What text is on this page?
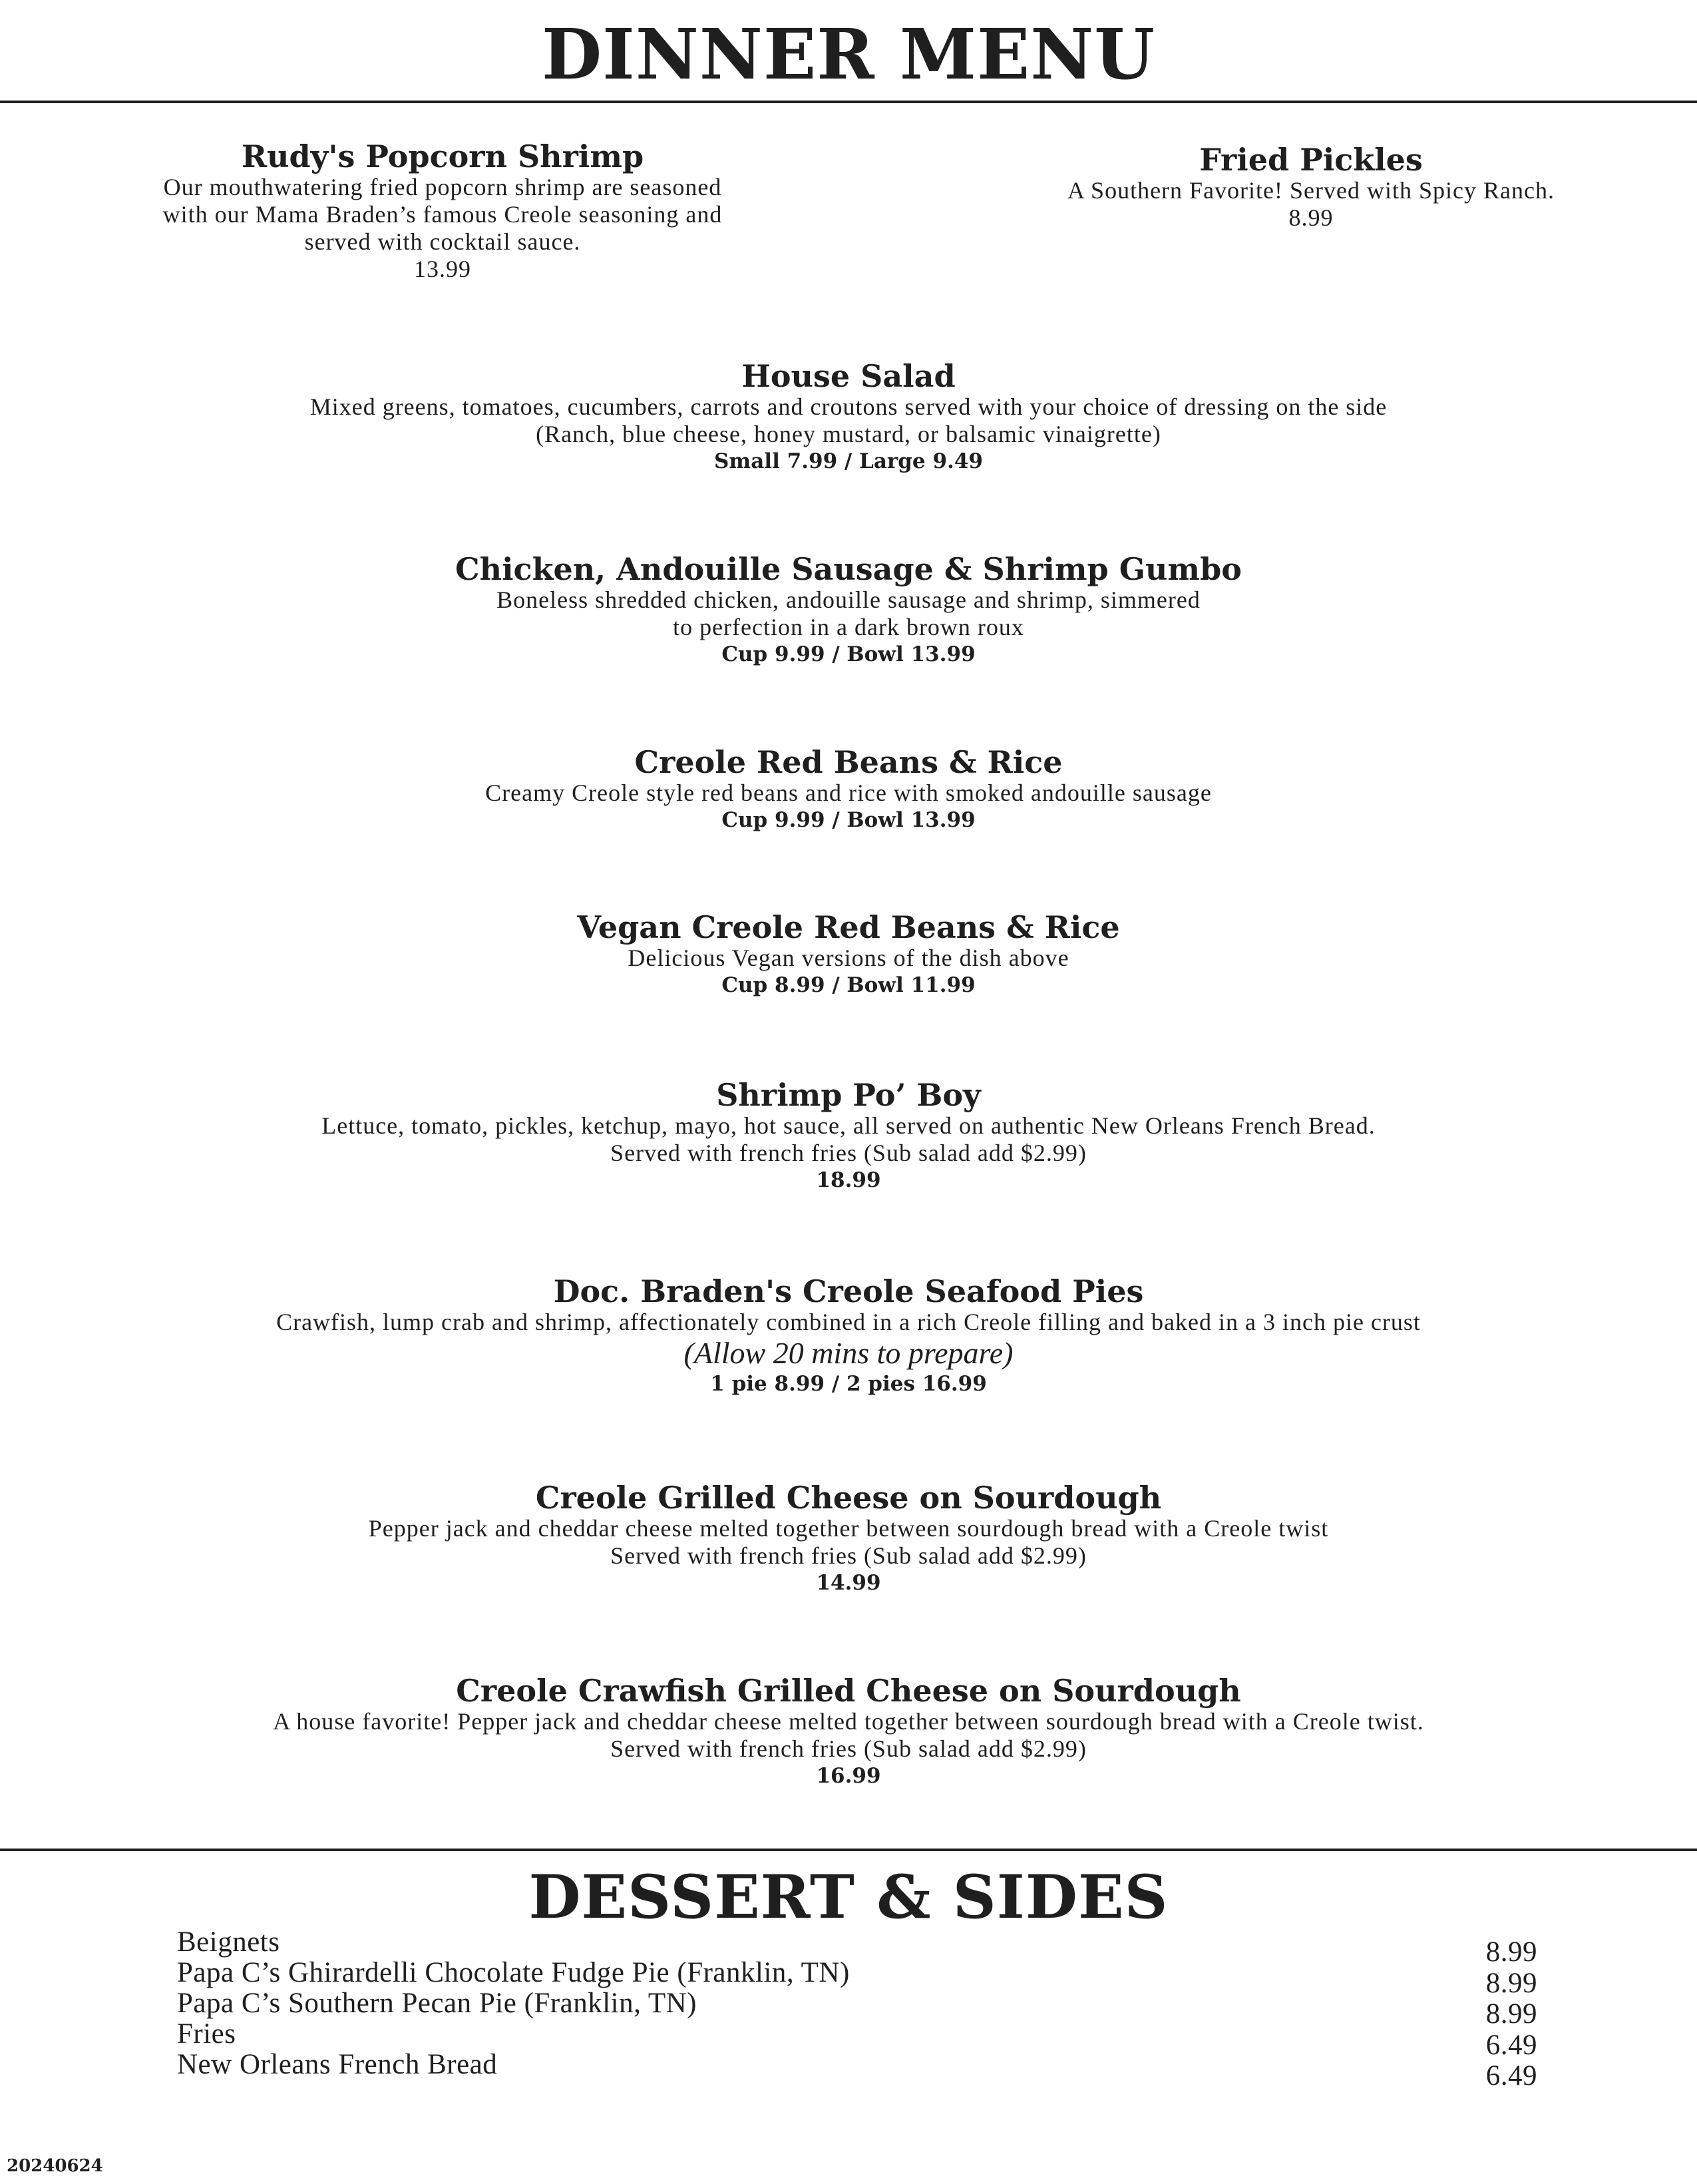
DINNER MENU
Rudy's Popcorn Shrimp
Our mouthwatering fried popcorn shrimp are seasoned
with our Mama Braden’s famous Creole seasoning and
served with cocktail sauce.
13.99
Fried Pickles
A Southern Favorite! Served with Spicy Ranch.
8.99
House Salad
Mixed greens, tomatoes, cucumbers, carrots and croutons served with your choice of dressing on the side
(Ranch, blue cheese, honey mustard, or balsamic vinaigrette)
Small 7.99 / Large 9.49
Chicken, Andouille Sausage & Shrimp Gumbo
Boneless shredded chicken, andouille sausage and shrimp, simmered
to perfection in a dark brown roux
Cup 9.99 / Bowl 13.99
Creole Red Beans & Rice
Creamy Creole style red beans and rice with smoked andouille sausage
Cup 9.99 / Bowl 13.99
Vegan Creole Red Beans & Rice
Delicious Vegan versions of the dish above
Cup 8.99 / Bowl 11.99
Shrimp Po’ Boy
Lettuce, tomato, pickles, ketchup, mayo, hot sauce, all served on authentic New Orleans French Bread.
Served with french fries (Sub salad add $2.99)
18.99
Doc. Braden's Creole Seafood Pies
Crawfish, lump crab and shrimp, affectionately combined in a rich Creole filling and baked in a 3 inch pie crust
(Allow 20 mins to prepare)
1 pie 8.99 / 2 pies 16.99
Creole Grilled Cheese on Sourdough
Pepper jack and cheddar cheese melted together between sourdough bread with a Creole twist
Served with french fries (Sub salad add $2.99)
14.99
Creole Crawfish Grilled Cheese on Sourdough
A house favorite! Pepper jack and cheddar cheese melted together between sourdough bread with a Creole twist.
Served with french fries (Sub salad add $2.99)
16.99
DESSERT & SIDES
Beignets
Papa C’s Ghirardelli Chocolate Fudge Pie (Franklin, TN)
Papa C’s Southern Pecan Pie (Franklin, TN)
Fries
New Orleans French Bread
8.99
8.99
8.99
6.49
6.49
20240624
